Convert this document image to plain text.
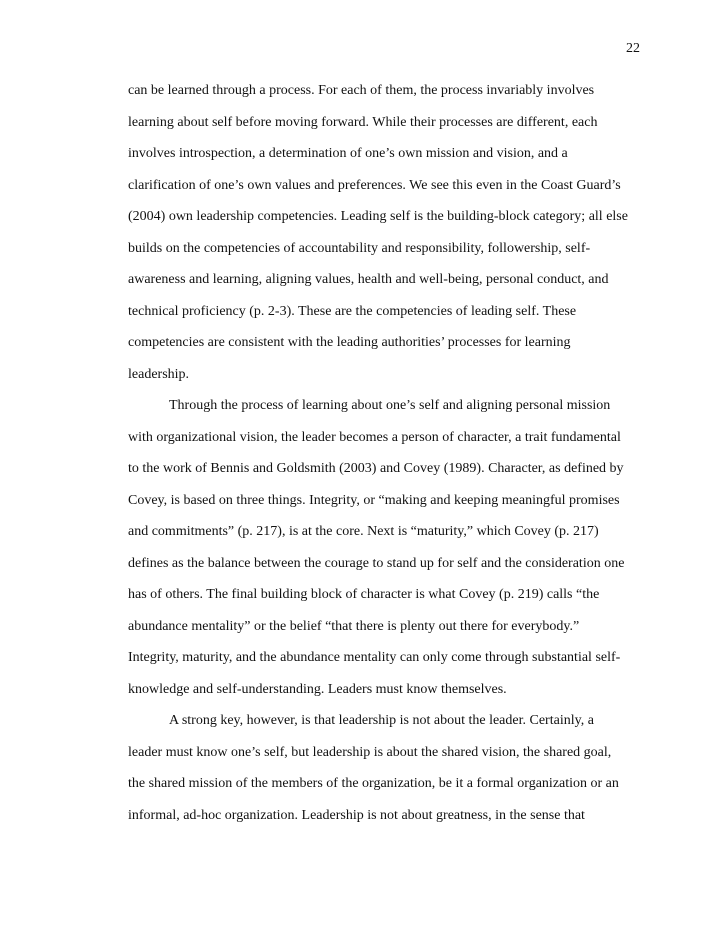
22
can be learned through a process. For each of them, the process invariably involves
learning about self before moving forward. While their processes are different, each
involves introspection, a determination of one’s own mission and vision, and a
clarification of one’s own values and preferences. We see this even in the Coast Guard’s
(2004) own leadership competencies. Leading self is the building-block category; all else
builds on the competencies of accountability and responsibility, followership, self-
awareness and learning, aligning values, health and well-being, personal conduct, and
technical proficiency (p. 2-3). These are the competencies of leading self. These
competencies are consistent with the leading authorities’ processes for learning
leadership.
Through the process of learning about one’s self and aligning personal mission
with organizational vision, the leader becomes a person of character, a trait fundamental
to the work of Bennis and Goldsmith (2003) and Covey (1989). Character, as defined by
Covey, is based on three things. Integrity, or “making and keeping meaningful promises
and commitments” (p. 217), is at the core. Next is “maturity,” which Covey (p. 217)
defines as the balance between the courage to stand up for self and the consideration one
has of others. The final building block of character is what Covey (p. 219) calls “the
abundance mentality” or the belief “that there is plenty out there for everybody.”
Integrity, maturity, and the abundance mentality can only come through substantial self-
knowledge and self-understanding. Leaders must know themselves.
A strong key, however, is that leadership is not about the leader. Certainly, a
leader must know one’s self, but leadership is about the shared vision, the shared goal,
the shared mission of the members of the organization, be it a formal organization or an
informal, ad-hoc organization. Leadership is not about greatness, in the sense that
